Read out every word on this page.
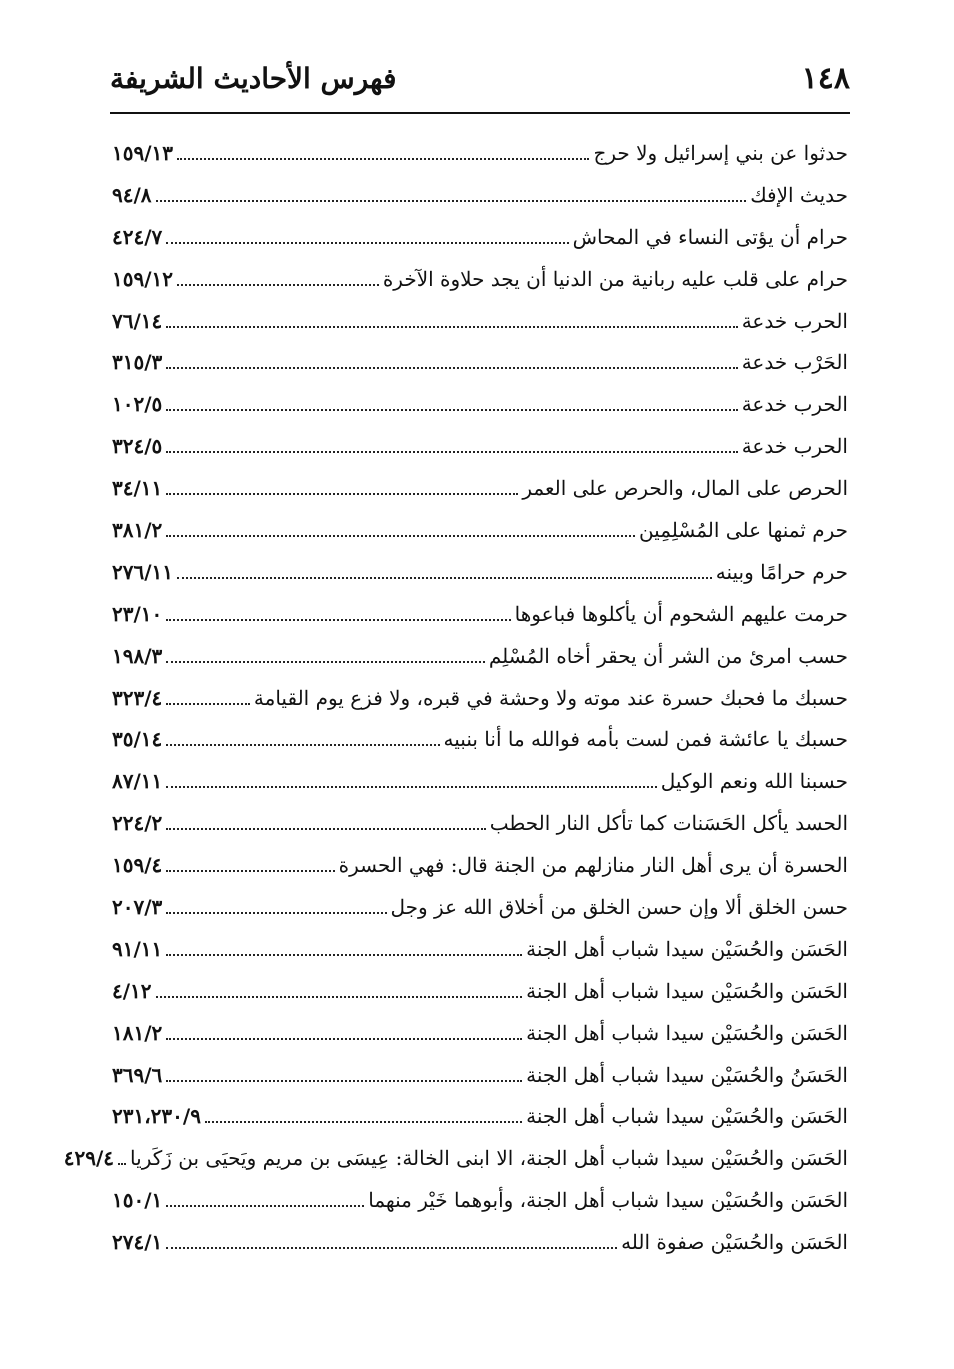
١٤٨
فهرس الأحاديث الشريفة
حدثوا عن بني إسرائيل ولا حرج
١٥٩/١٣
حديث الإفك
٩٤/٨
حرام أن يؤتى النساء في المحاش
٤٢٤/٧
حرام على قلب عليه ربانية من الدنيا أن يجد حلاوة الآخرة
١٥٩/١٢
الحرب خدعة
٧٦/١٤
الحَرْب خدعة
٣١٥/٣
الحرب خدعة
١٠٢/٥
الحرب خدعة
٣٢٤/٥
الحرص على المال، والحرص على العمر
٣٤/١١
حرم ثمنها على المُسْلِمِين
٣٨١/٢
حرم حرامًا وبينه
٢٧٦/١١
حرمت عليهم الشحوم أن يأكلوها فباعوها
٢٣/١٠
حسب امرئ من الشر أن يحقر أخاه المُسْلِم
١٩٨/٣
حسبك ما فحبك حسرة عند موته ولا وحشة في قبره، ولا فزع يوم القيامة
٣٢٣/٤
حسبك يا عائشة فمن لست بأمه فوالله ما أنا بنبيه
٣٥/١٤
حسبنا الله ونعم الوكيل
٨٧/١١
الحسد يأكل الحَسَنات كما تأكل النار الحطب
٢٢٤/٢
الحسرة أن يرى أهل النار منازلهم من الجنة قال: فهي الحسرة
١٥٩/٤
حسن الخلق ألا وإن حسن الخلق من أخلاق الله عز وجل
٢٠٧/٣
الحَسَن والحُسَيْن سيدا شباب أهل الجنة
٩١/١١
الحَسَن والحُسَيْن سيدا شباب أهل الجنة
٤/١٢
الحَسَن والحُسَيْن سيدا شباب أهل الجنة
١٨١/٢
الحَسَنُ والحُسَيْن سيدا شباب أهل الجنة
٣٦٩/٦
الحَسَن والحُسَيْن سيدا شباب أهل الجنة
٢٣١،٢٣٠/٩
الحَسَن والحُسَيْن سيدا شباب أهل الجنة، الا ابنى الخالة: عِيسَى بن مريم ويَحيَى بن زَكَريا
٤٢٩/٤
الحَسَن والحُسَيْن سيدا شباب أهل الجنة، وأبوهما خَيْر منهما
١٥٠/١
الحَسَن والحُسَيْن صفوة الله
٢٧٤/١
